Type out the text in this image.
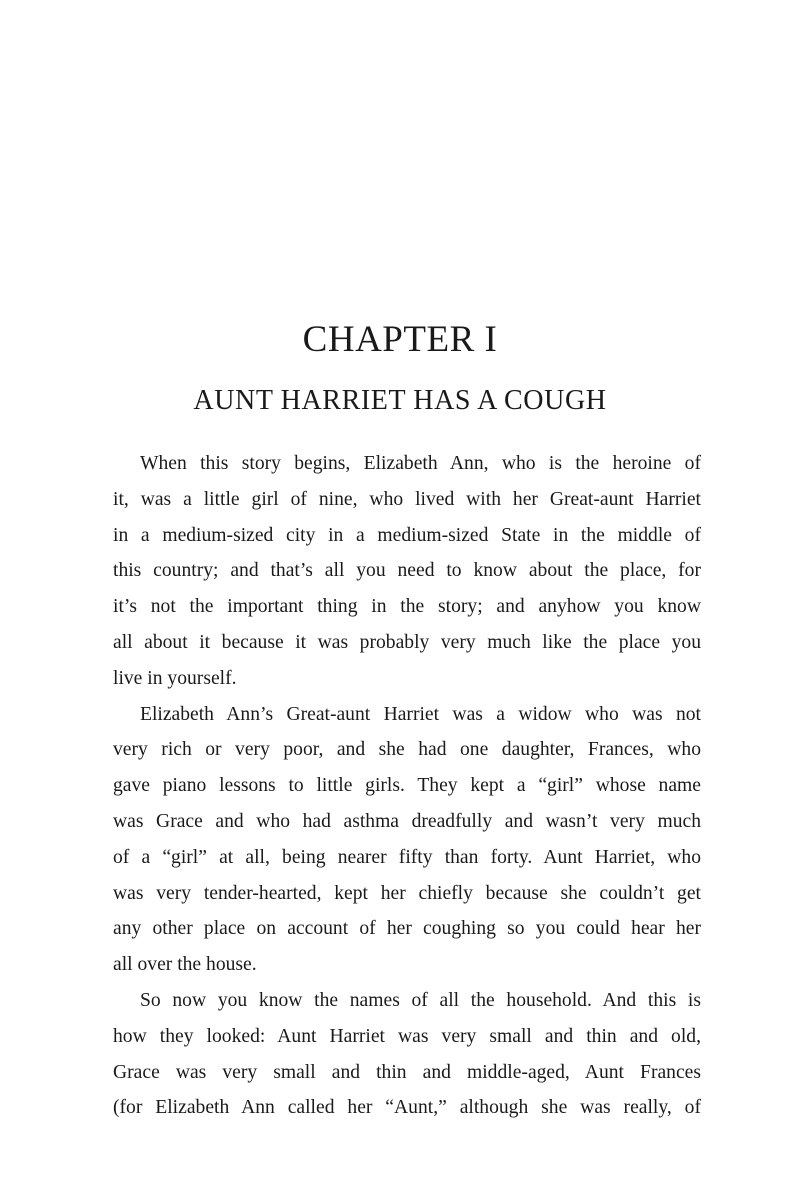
CHAPTER I
AUNT HARRIET HAS A COUGH
When this story begins, Elizabeth Ann, who is the heroine of
it, was a little girl of nine, who lived with her Great-aunt Harriet
in a medium-sized city in a medium-sized State in the middle of
this country; and that’s all you need to know about the place, for
it’s not the important thing in the story; and anyhow you know
all about it because it was probably very much like the place you
live in yourself.
Elizabeth Ann’s Great-aunt Harriet was a widow who was not
very rich or very poor, and she had one daughter, Frances, who
gave piano lessons to little girls. They kept a “girl” whose name
was Grace and who had asthma dreadfully and wasn’t very much
of a “girl” at all, being nearer fifty than forty. Aunt Harriet, who
was very tender-hearted, kept her chiefly because she couldn’t get
any other place on account of her coughing so you could hear her
all over the house.
So now you know the names of all the household. And this is
how they looked: Aunt Harriet was very small and thin and old,
Grace was very small and thin and middle-aged, Aunt Frances
(for Elizabeth Ann called her “Aunt,” although she was really, of
